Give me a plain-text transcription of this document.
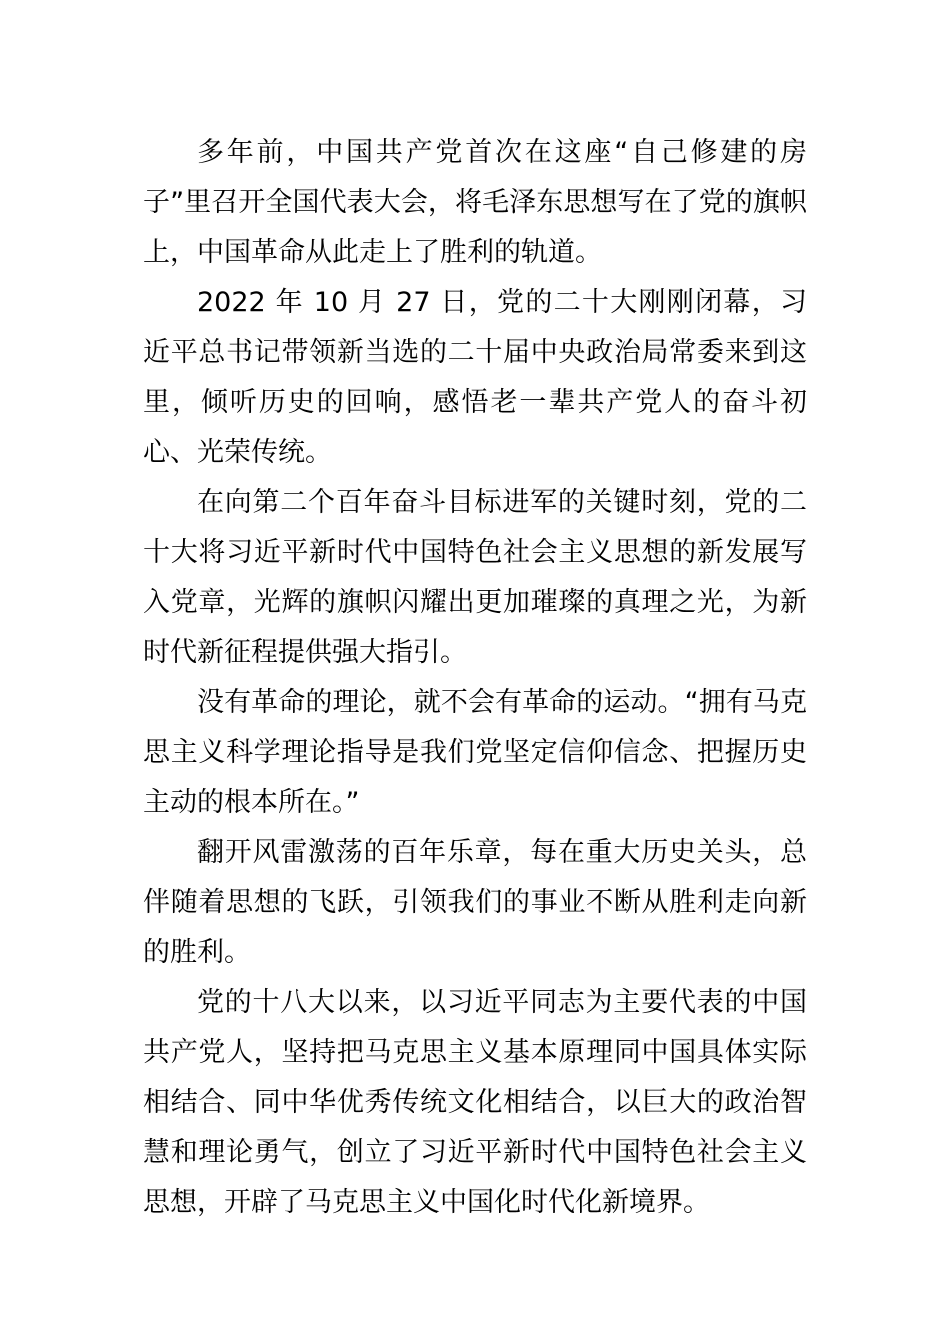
多年前，中国共产党首次在这座“自己修建的房子”里召开全国代表大会，将毛泽东思想写在了党的旗帜上，中国革命从此走上了胜利的轨道。

2022 年 10 月 27 日，党的二十大刚刚闭幕，习近平总书记带领新当选的二十届中央政治局常委来到这里，倾听历史的回响，感悟老一辈共产党人的奋斗初心、光荣传统。

在向第二个百年奋斗目标进军的关键时刻，党的二十大将习近平新时代中国特色社会主义思想的新发展写入党章，光辉的旗帜闪耀出更加璀璨的真理之光，为新时代新征程提供强大指引。

没有革命的理论，就不会有革命的运动。“拥有马克思主义科学理论指导是我们党坚定信仰信念、把握历史主动的根本所在。”

翻开风雷激荡的百年乐章，每在重大历史关头，总伴随着思想的飞跃，引领我们的事业不断从胜利走向新的胜利。

党的十八大以来，以习近平同志为主要代表的中国共产党人，坚持把马克思主义基本原理同中国具体实际相结合、同中华优秀传统文化相结合，以巨大的政治智慧和理论勇气，创立了习近平新时代中国特色社会主义思想，开辟了马克思主义中国化时代化新境界。
